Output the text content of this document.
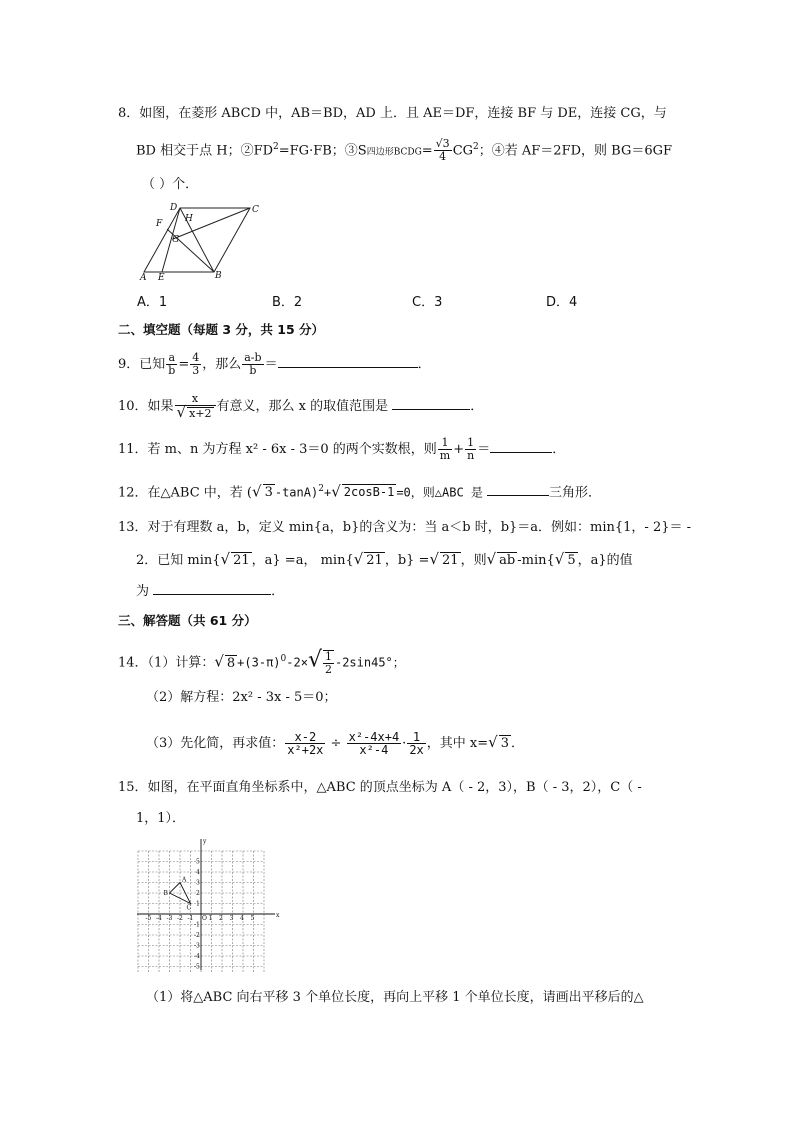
8．如图，在菱形 ABCD 中，AB＝BD，AD 上．且 AE＝DF，连接 BF 与 DE，连接 CG，与
BD 相交于点 H；$②FD^2=FG\cdot FB$；③S四边形BCDG= $\frac{√3}{4} CG^2$；④若 AF＝2FD，则 BG＝6GF
（ ）个．
D	C
F	H
G
A E	B
A．1	B．2	C．3	D．4
二、填空题（每题 3 分，共 15 分）
9．已知 $\frac{a}{b} = \frac{4}{3}$ ，那么 $\frac{a-b}{b}$ ＝	．
10．如果 $\frac{x}{√ x+2}$ 有意义，那么 x 的取值范围是	．
11．若 m、n 为方程 x² - 6x - 3＝0 的两个实数根，则 $\frac{1}{m} + \frac{1}{n}$ ＝	．
12．在△ABC 中，若 (√ 3 -tanA)$^2$+√ 2cosB-1 =0，则△ABC 是	三角形．
13．对于有理数 a，b，定义 min{a，b}的含义为：当 a＜b 时，b}＝a．例如：min{1，- 2}＝ -
2．已知 min{√ 21 ，a} =a， min{√ 21 ，b} =√ 21 ，则√ ab -min{√ 5 ，a}的值
为	．
三、解答题（共 61 分）
14．（1）计算：√ $8 +(3-\pi)^0-2\times√ \frac{1}{2} -2\sin 45^\circ$；
（2）解方程：2x² - 3x - 5＝0；
（3）先化简，再求值： $\frac{x-2}{\text{x²+2x}} \div \frac{\text{x²-4x+4}}{\text{x²-4}} \cdot \frac{1}{2x}$ ，其中 x=√ 3 ．
15．如图，在平面直角坐标系中，△ABC 的顶点坐标为 A（ - 2，3），B（ - 3，2），C（ -
1，1）．
x
y
O
A
B
C
-5 -4 -3 -2 -1	1 2 3 4 5
5
4
3
2
1
-1
-2
-3
-4
-5
（1）将△ABC 向右平移 3 个单位长度，再向上平移 1 个单位长度，请画出平移后的△
